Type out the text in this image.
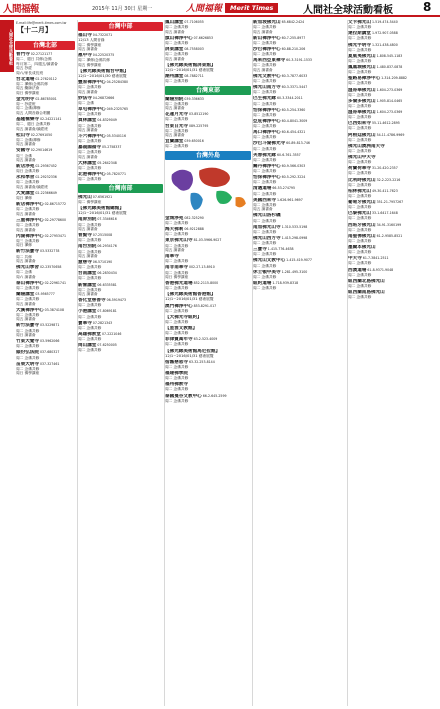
人間福報	2015年 11月 30日 星期一	人間福報	Merit Times	人間社全球活動看板	8
人間社全球活動看板
E-mail:life@merit-times.com.tw
【十二月】
台灣北部
普門寺02-27121177
周二、週日 共修/念佛
每月第二、四週五/讀書會
周五 抄經
周六/家長成長班
台北道場02-27620112
周二 禪修/念佛共修
周五 藥師法會
周日 佛學講座
金光明寺02-86785001
周一 抄經班
周二 念佛/禪修
周五 人間音緣合唱團
基隆極樂寺02-24221141
周二、週日 念佛共修
周五 讀書會/讀經班
松山寺02-27691050
周二 念佛/禪修
周五 讀書會
安國寺02-29014619
周三 念佛
周五 讀書會
新店淨苑02-29367452
周日 念佛共修
永和學舍02-29232336
周二 念佛共修
周五 讀書會/讀經班
大愛講堂02-22366649
周日 禪修
新店禪淨中心02-86715772
周二 念佛共修
周五 讀書會
三重禪淨中心02-29778600
周二 念佛共修
周五 讀書會
內湖禪淨中心02-27953471
周三 念佛共修
周日 禪修
新竹法寶寺03-5332778
周二 共修
周五 讀書會
佛光山學舍02-23570658
周二 念佛
周六 讀書會
泰山禪淨中心02-22961741
周二 念佛共修
蘭陽講堂03-9565777
周二 念佛共修
周五 讀書會
大溪禪淨中心03-3874108
周二 念佛共修
周五 讀書會
新竹法寶寺03-5229871
周二 念佛共修
周日 讀書會
竹東大覺寺03-5962066
周二 念佛共修
頭份弘法院037-680327
周二 念佛共修
苗栗大明寺037-327461
周二 念佛共修
周日 佛學講座
台灣中部
福山寺04-7322071
12/13 人間音緣
周二 佛學講座
周五 讀書會
惠中寺04-22520375
周二 禪修/念佛共修
周五 佛學講座
【佛光緣美術館台中館】
12/1~2016/01/30 藝術展覽
豐原禪淨中心04-25284380
周二 念佛共修
周五 讀書會
妙法寺04-26872666
周二 念佛
草屯禪淨中心049-2325765
周二 念佛共修
員林講堂04-8329049
周二 念佛共修
周五 讀書會
斗六禪淨中心05-5340116
周二 念佛共修
嘉義圓福寺05-2758337
周二 念佛共修
周五 讀書會
大林講堂05-2642348
周二 念佛共修
北港禪淨中心05-7820771
周二 念佛共修
台灣南部
佛光山07-6561921
周二 佛學講座
【佛光緣美術館總館】
12/1~2016/01/31 藝術展覽
南屏別院07-3346616
周二 念佛共修
周五 讀書會
普賢寺07-2515008
周二 念佛共修
南台別院06-2934176
周二 念佛共修
周五 讀書會
慧慈寺06-5710190
周二 念佛共修
台南講堂06-2830434
周二 念佛共修
新營講堂06-6335581
周二 念佛共修
周五 讀書會
香化堂慈善寺06-5919473
周二 念佛共修
小港講堂07-8069181
周二 念佛共修
寶華寺07-2821343
周二 念佛共修
高雄佛教堂07-2221046
周二 念佛共修
岡山講堂07-6250005
周二 念佛共修
鳳山講堂07-7106055
周二 念佛共修
周五 讀書會
旗山禪淨中心07-6626853
周二 念佛共修
屏東講堂08-7558003
周二 念佛共修
周五 讀書會
【佛光緣美術館屏東館】
12/1~2016/01/31 藝術展覽
潮州講堂08-7882711
周二 念佛共修
台灣東部
蘭陽別院039-336633
周二 念佛共修
周五 讀書會
花蓮月光寺03-8512190
周二 念佛共修
台東日光寺089-225795
周二 念佛共修
周五 讀書會
宜蘭講堂039-650016
周二 念佛共修
台灣外島
金城淨苑082-325290
周二 念佛共修
海天佛剎06-9212888
周二 念佛共修
東京佛光山寺81-03-5966-9027
周二 念佛共修
周五 讀書會
南華寺
周二 念佛共修
南非南華寺002-27-13-8910
周二 念佛共修
周日 佛學講座
香港佛光道場852-2115-8000
周二 念佛共修
【佛光緣美術館香港館】
12/1~2016/01/31 藝術展覽
澳門禪淨中心853-8291-017
周二 念佛共修
【大佛光寺紐約】
周二 念佛共修
【星雲文教館】
周二 念佛共修
菲律賓萬年寺63-2-523-4009
周二 念佛共修
【佛光緣美術館馬尼拉館】
12/1~2016/01/31 藝術展覽
宿霧慈恩寺63-32-253-8144
周二 念佛共修
福建佛學院
周二 念佛共修
福州佛教寺
周二 念佛共修
泰國曼谷文教中心66-2-645-2599
周二 念佛共修
新加坡佛光山65-6842-2424
周二 念佛共修
周五 讀書會
新山禪淨中心60-7-255-8977
周二 念佛共修
沙巴禪淨中心60-88-210-206
周二 念佛共修
馬來西亞東禪寺60-3-3191-1533
周二 念佛共修
周五 讀書會
佛光文教中心60-3-7877-6033
周二 念佛共修
佛光山南方寺60-3-3371-5447
周二 念佛共修
巴生佛光緣60-3-3344-2011
周二 念佛共修
怡保禪淨中心60-5-254-3360
周二 念佛共修
亞庇禪淨中心60-4-8041-3009
周二 念佛共修
馬口禪淨中心60-6-454-4321
周二 念佛共修
沙巴斗湖佛光寺60-89-813-746
周二 念佛共修
芙蓉佛光緣60-6-761-3557
周二 念佛共修
關丹禪淨中心60-9-566-0303
周二 念佛共修
怡保禪淨中心60-5-292-3224
周二 念佛共修
清邁道場66-53-274795
周二 念佛共修
美國西來寺1-626-961-9697
周二 念佛共修
周五 讀書會
佛光山洛杉磯
周二 念佛共修
南加佛光山寺1-310-533-5198
周二 念佛共修
佛光山西方寺1-415-298-0998
周二 念佛共修
三寶寺1-415-776-4638
周二 念佛共修
佛光山文教中心1-415-419-9077
周二 念佛共修
休士頓中美寺1-281-495-3100
周二 念佛共修
紐約道場1-718-939-8318
周二 念佛共修
文卡佛光山1-519-474-5440
周二 念佛共修
達拉斯講堂1-972-907-0588
周二 念佛共修
佛光宇明寺1-321-438-4800
周二 念佛共修
夏威夷佛光山1-808-545-1183
周二 念佛共修
鳳凰城佛光山1-480-837-0878
周二 念佛共修
聖路易禪淨中心1-314-209-8882
周二 念佛共修
溫哥華佛光山1-604-273-0369
周二 念佛共修
多倫多佛光山1-905-814-0465
周二 念佛共修
溫哥華佛光山1-604-273-0369
周二 念佛共修
巴西如來寺55-11-4612-2895
周二 念佛共修
阿根廷佛光山54-11-4786-9969
周二 念佛共修
佛光山澳洲南天寺
周二 念佛共修
佛光山中天寺
周二 念佛共修
荷蘭荷華寺31-20-420-2357
周二 念佛共修
比利時佛光山32-2-223-2216
周二 念佛共修
柏林佛光山49-30-411-7623
周二 念佛共修
葡萄牙佛光山351-21-7957267
周二 念佛共修
巴黎佛光山33-1-6417-1648
周二 念佛共修
西班牙佛光山34-91-3160199
周二 念佛共修
南聖彿佛光山61-2-9585-8521
周二 念佛共修
墨爾本佛光山
周二 念佛共修
中天寺61-7-3841-2511
周二 念佛共修
西澳道場61-8-9371-9048
周二 念佛共修
紐西蘭北島佛光山
周二 念佛共修
紐西蘭南島佛光山
周二 念佛共修
